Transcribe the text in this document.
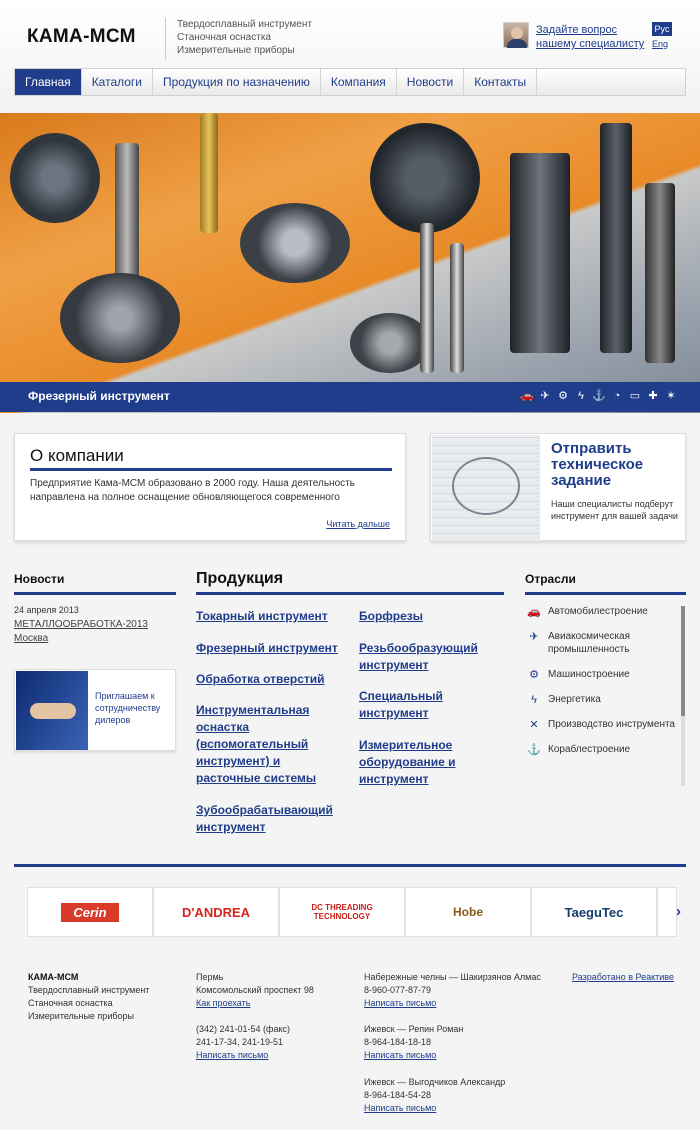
КАМА-МСМ
Твердосплавный инструмент
Станочная оснастка
Измерительные приборы
Задайте вопрос нашему специалисту
Рус
Eng
Главная	Каталоги	Продукция по назначению	Компания	Новости	Контакты
Фрезерный инструмент	🚗 ✈ ⚙ ϟ ⚓ ◔ ▭ ✚ ✶
О компании

Предприятие Кама-МСМ образовано в 2000 году. Наша деятельность направлена на полное оснащение обновляющегося современного

Читать дальше
Отправить техническое задание
Наши специалисты подберут инструмент для вашей задачи
Новости
24 апреля 2013
МЕТАЛЛООБРАБОТКА-2013
Москва
Приглашаем к сотрудничеству дилеров
Продукция
Токарный инструмент
Фрезерный инструмент
Обработка отверстий
Инструментальная оснастка (вспомогательный инструмент) и расточные системы
Зубообрабатывающий инструмент
Борфрезы
Резьбообразующий инструмент
Специальный инструмент
Измерительное оборудование и инструмент
Отрасли
🚗 Автомобилестроение
✈ Авиакосмическая промышленность
⚙ Машиностроение
ϟ	Энергетика
✕ Производство инструмента
⚓ Кораблестроение
Cerin	D'ANDREA	DC THREADING TECHNOLOGY	Hobe	TaeguTec	›
КАМА-МСМ
Твердосплавный инструмент
Станочная оснастка
Измерительные приборы
Пермь
Комсомольский проспект 98
Как проехать
(342) 241-01-54 (факс)
241-17-34, 241-19-51
Написать письмо
Набережные челны — Шакирзянов Алмас
8-960-077-87-79
Написать письмо
Ижевск — Репин Роман
8-964-184-18-18
Написать письмо
Ижевск — Выгодчиков Александр
8-964-184-54-28
Написать письмо
Разработано в Реактиве
